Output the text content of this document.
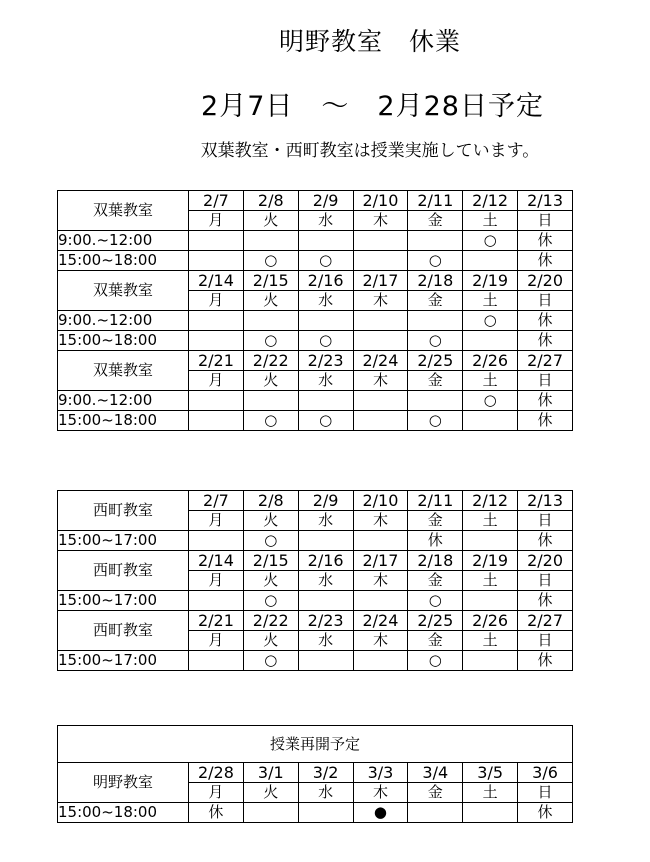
明野教室　休業
2月7日　～　2月28日予定
双葉教室・西町教室は授業実施しています。
双葉教室	2/7	2/8	2/9	2/10	2/11	2/12	2/13
	月	火	水	木	金	土	日
9:00.~12:00						○	休
15:00~18:00		○	○		○		休
双葉教室	2/14	2/15	2/16	2/17	2/18	2/19	2/20
	月	火	水	木	金	土	日
9:00.~12:00						○	休
15:00~18:00		○	○		○		休
双葉教室	2/21	2/22	2/23	2/24	2/25	2/26	2/27
	月	火	水	木	金	土	日
9:00.~12:00						○	休
15:00~18:00		○	○		○		休
西町教室	2/7	2/8	2/9	2/10	2/11	2/12	2/13
	月	火	水	木	金	土	日
15:00~17:00		○			休		休
西町教室	2/14	2/15	2/16	2/17	2/18	2/19	2/20
	月	火	水	木	金	土	日
15:00~17:00		○			○		休
西町教室	2/21	2/22	2/23	2/24	2/25	2/26	2/27
	月	火	水	木	金	土	日
15:00~17:00		○			○		休
授業再開予定							
明野教室	2/28	3/1	3/2	3/3	3/4	3/5	3/6
	月	火	水	木	金	土	日
15:00~18:00	休			●			休
